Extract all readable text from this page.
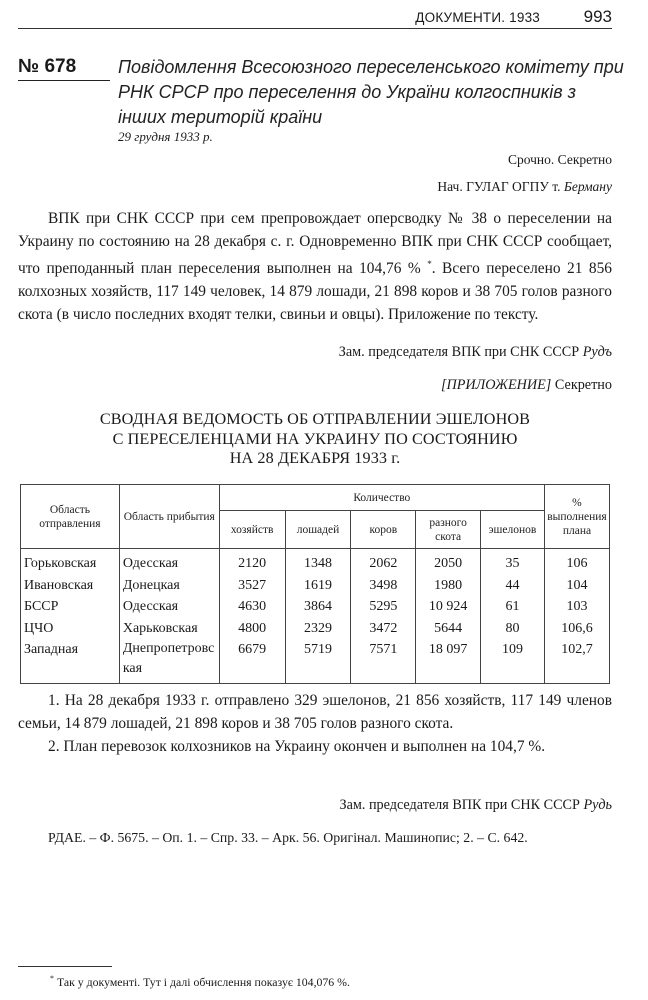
ДОКУМЕНТИ. 1933	993
№ 678	Повідомлення Всесоюзного переселенського комітету при РНК СРСР про переселення до України колгоспників з інших територій країни
29 грудня 1933 р.
Срочно. Секретно
Нач. ГУЛАГ ОГПУ т. Берману
ВПК при СНК СССР при сем препровождает оперсводку № 38 о переселении на Украину по состоянию на 28 декабря с. г. Одновременно ВПК при СНК СССР сообщает, что преподанный план переселения выполнен на 104,76 % *. Всего переселено 21 856 колхозных хозяйств, 117 149 человек, 14 879 лошади, 21 898 коров и 38 705 голов разного скота (в число последних входят телки, свиньи и овцы). Приложение по тексту.
Зам. председателя ВПК при СНК СССР Рудъ
[ПРИЛОЖЕНИЕ] Секретно
СВОДНАЯ ВЕДОМОСТЬ ОБ ОТПРАВЛЕНИИ ЭШЕЛОНОВ
С ПЕРЕСЕЛЕНЦАМИ НА УКРАИНУ ПО СОСТОЯНИЮ
НА 28 ДЕКАБРЯ 1933 г.
Область отправления	Область прибытия	Количество					% выполнения плана
		хозяйств	лошадей	коров	разного скота	эшелонов	
Горьковская	Одесская	2120	1348	2062	2050	35	106
Ивановская	Донецкая	3527	1619	3498	1980	44	104
БССР	Одесская	4630	3864	5295	10 924	61	103
ЦЧО	Харьковская	4800	2329	3472	5644	80	106,6
Западная	Днепропетровская	6679	5719	7571	18 097	109	102,7
1. На 28 декабря 1933 г. отправлено 329 эшелонов, 21 856 хозяйств, 117 149 членов семьи, 14 879 лошадей, 21 898 коров и 38 705 голов разного скота.
2. План перевозок колхозников на Украину окончен и выполнен на 104,7 %.
Зам. председателя ВПК при СНК СССР Рудь
РДАЕ. – Ф. 5675. – Оп. 1. – Спр. 33. – Арк. 56. Оригінал. Машинопис; 2. – С. 642.
* Так у документі. Тут і далі обчислення показує 104,076 %.
